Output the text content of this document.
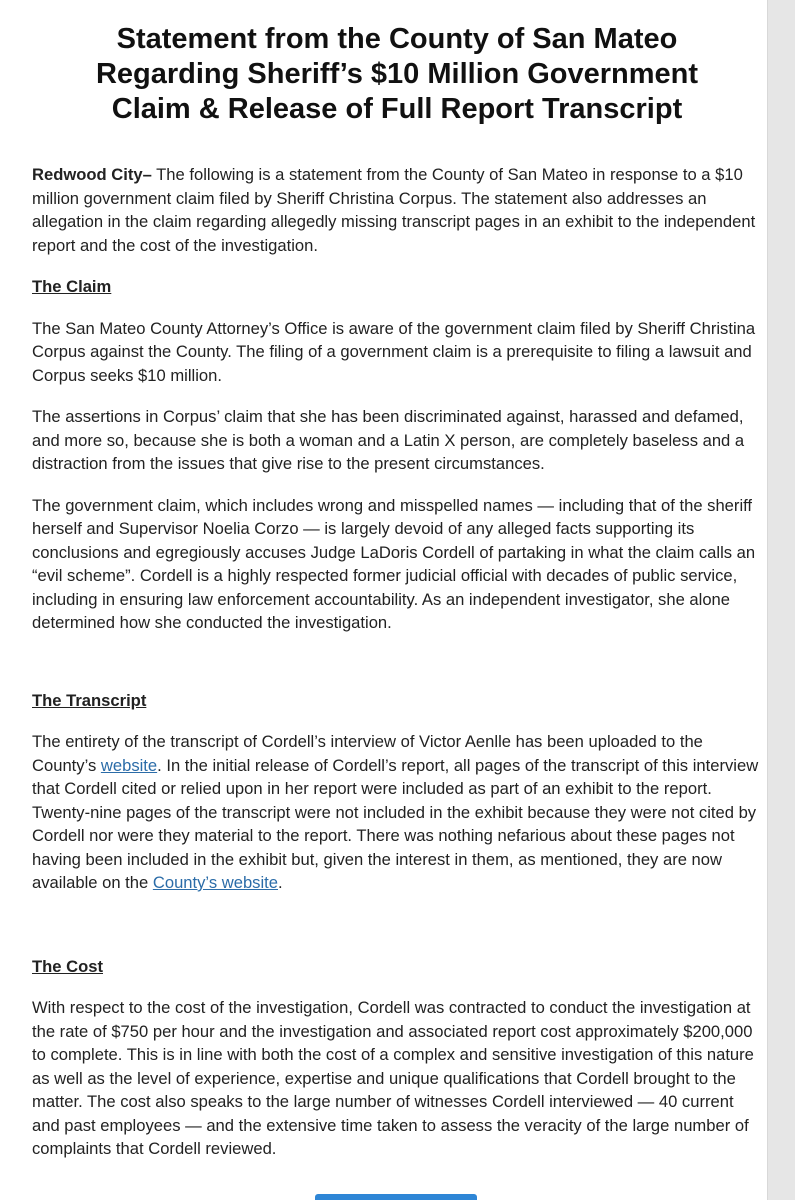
Statement from the County of San Mateo
Regarding Sheriff’s $10 Million Government
Claim & Release of Full Report Transcript

Redwood City– The following is a statement from the County of San Mateo in response to a $10 million government claim filed by Sheriff Christina Corpus. The statement also addresses an allegation in the claim regarding allegedly missing transcript pages in an exhibit to the independent report and the cost of the investigation.

The Claim

The San Mateo County Attorney’s Office is aware of the government claim filed by Sheriff Christina Corpus against the County. The filing of a government claim is a prerequisite to filing a lawsuit and Corpus seeks $10 million.

The assertions in Corpus’ claim that she has been discriminated against, harassed and defamed, and more so, because she is both a woman and a Latin X person, are completely baseless and a distraction from the issues that give rise to the present circumstances.

The government claim, which includes wrong and misspelled names — including that of the sheriff herself and Supervisor Noelia Corzo — is largely devoid of any alleged facts supporting its conclusions and egregiously accuses Judge LaDoris Cordell of partaking in what the claim calls an “evil scheme”. Cordell is a highly respected former judicial official with decades of public service, including in ensuring law enforcement accountability. As an independent investigator, she alone determined how she conducted the investigation.

The Transcript

The entirety of the transcript of Cordell’s interview of Victor Aenlle has been uploaded to the County’s website. In the initial release of Cordell’s report, all pages of the transcript of this interview that Cordell cited or relied upon in her report were included as part of an exhibit to the report. Twenty-nine pages of the transcript were not included in the exhibit because they were not cited by Cordell nor were they material to the report. There was nothing nefarious about these pages not having been included in the exhibit but, given the interest in them, as mentioned, they are now available on the County’s website.

The Cost

With respect to the cost of the investigation, Cordell was contracted to conduct the investigation at the rate of $750 per hour and the investigation and associated report cost approximately $200,000 to complete. This is in line with both the cost of a complex and sensitive investigation of this nature as well as the level of experience, expertise and unique qualifications that Cordell brought to the matter. The cost also speaks to the large number of witnesses Cordell interviewed — 40 current and past employees — and the extensive time taken to assess the veracity of the large number of complaints that Cordell reviewed.
